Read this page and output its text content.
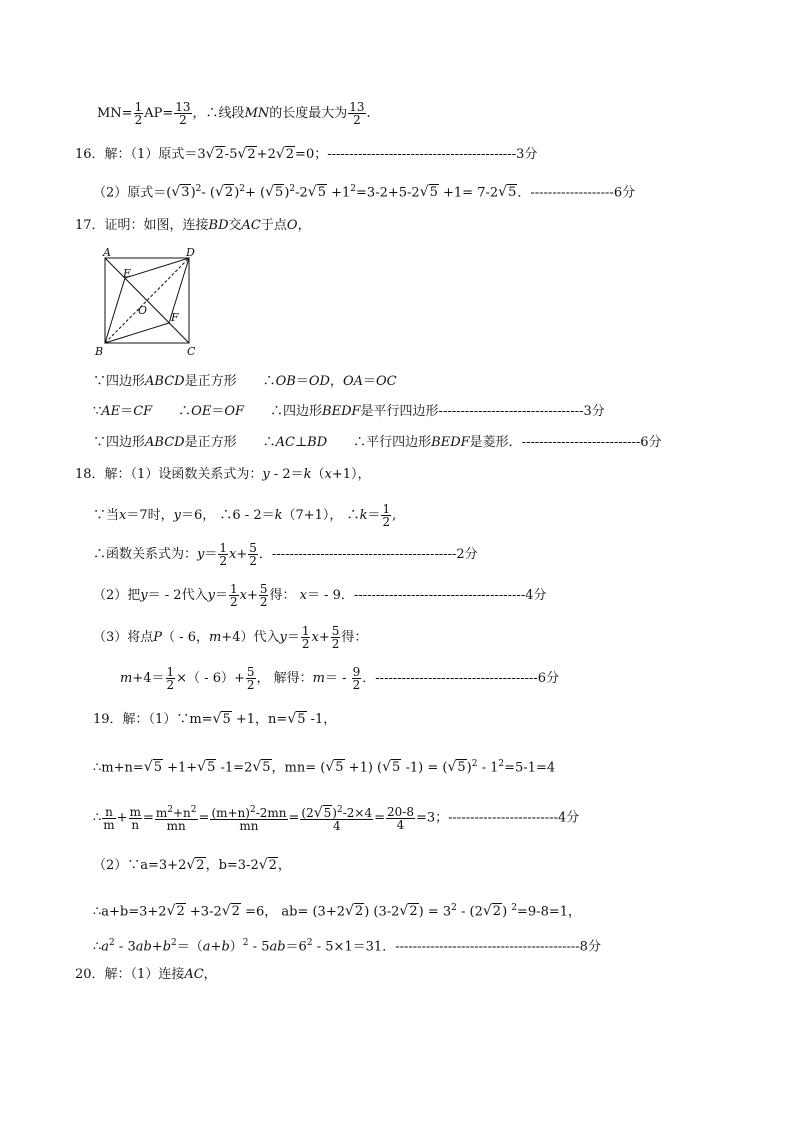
$MN= \frac{1}{2} AP= \frac{13}{2}$ ，∴线段MN的长度最大为 $\frac{13}{2}$ .
16．解：（1）原式＝3√2-5√2+2√2=0；-------------------------------------------3分
（2）原式$=(√3)^2-$ $(√2)^2+ (√5)^2-2√5 +1^2=3-2+5-2√5 +1= 7-2√5$．-------------------6分
17．证明：如图，连接BD交AC于点O，
A	D
E
O
F
B	C
∵四边形ABCD是正方形　　∴OB＝OD，OA＝OC
∵AE＝CF　　∴OE＝OF　　∴四边形BEDF是平行四边形---------------------------------3分
∵四边形ABCD是正方形　　∴AC⊥BD　　∴平行四边形BEDF是菱形．---------------------------6分
18．解：（1）设函数关系式为：y - 2＝k（x+1），
∵当x＝7时，y＝6， ∴6 - 2＝k（7+1）， ∴k＝ $\frac{1}{2}$ ,
∴函数关系式为：$y= \frac{1}{2} x+ \frac{5}{2}$ ．------------------------------------------2分
（2）把y＝ - 2代入$y= \frac{1}{2} x+ \frac{5}{2}$ 得： x＝ - 9．---------------------------------------4分
（3）将点P（ - 6，m+4）代入$y= \frac{1}{2} x+ \frac{5}{2}$ 得：
$m+4= \frac{1}{2}$ ×（ - $6)+ \frac{5}{2}$ ， 解得：$m= - \frac{9}{2}$ ．-------------------------------------6分
19．解：（1）∵m=√5 +1，n=√5 -1，
∴m+n=√5 +1+√5 -1=2√5，mn= (√5 +1) (√5 $-1) = (√5)^2 - 1^2=5-1=4$
∴ $\frac{n}{m} + \frac{m}{n} = \frac{m^2+n^2}{mn} = \frac{(m+n)^2-2mn}{mn} = \frac{(2√5)^2-2\times 4}{4} = \frac{20-8}{4} =3$；-------------------------4分
（2）∵a=3+2√2，b=3-2√2，
∴a+b=3+2√2 +3-2√2 =6， ab= (3+2√2) $(3-2√2) = 3^2 - (2√2)$ $^2$=9-8=1，
$\therefore a^2 - 3ab+b^2=(a+b)^2 - 5ab=6^2 - 5\times 1=31$．------------------------------------------8分
20．解：（1）连接AC，
